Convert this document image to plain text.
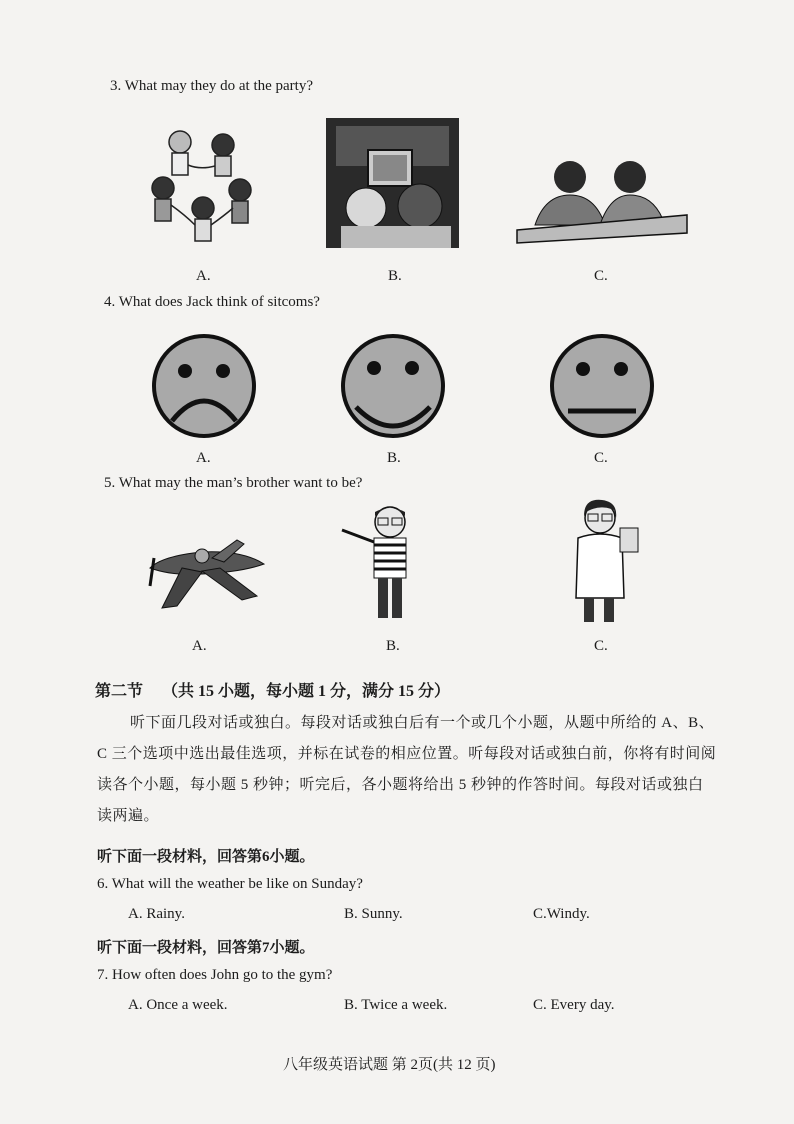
3. What may they do at the party?
A.	B.	C.
4. What does Jack think of sitcoms?
A.	B.	C.
5. What may the man’s brother want to be?
A.	B.	C.
第二节 （共 15 小题，每小题 1 分，满分 15 分）
听下面几段对话或独白。每段对话或独白后有一个或几个小题，从题中所给的 A、B、
C 三个选项中选出最佳选项，并标在试卷的相应位置。听每段对话或独白前，你将有时间阅
读各个小题，每小题 5 秒钟；听完后，各小题将给出 5 秒钟的作答时间。每段对话或独白
读两遍。
听下面一段材料，回答第6小题。
6. What will the weather be like on Sunday?
A. Rainy.	B. Sunny.	C.Windy.
听下面一段材料，回答第7小题。
7. How often does John go to the gym?
A. Once a week.	B. Twice a week.	C. Every day.
八年级英语试题 第 2页(共 12 页)
